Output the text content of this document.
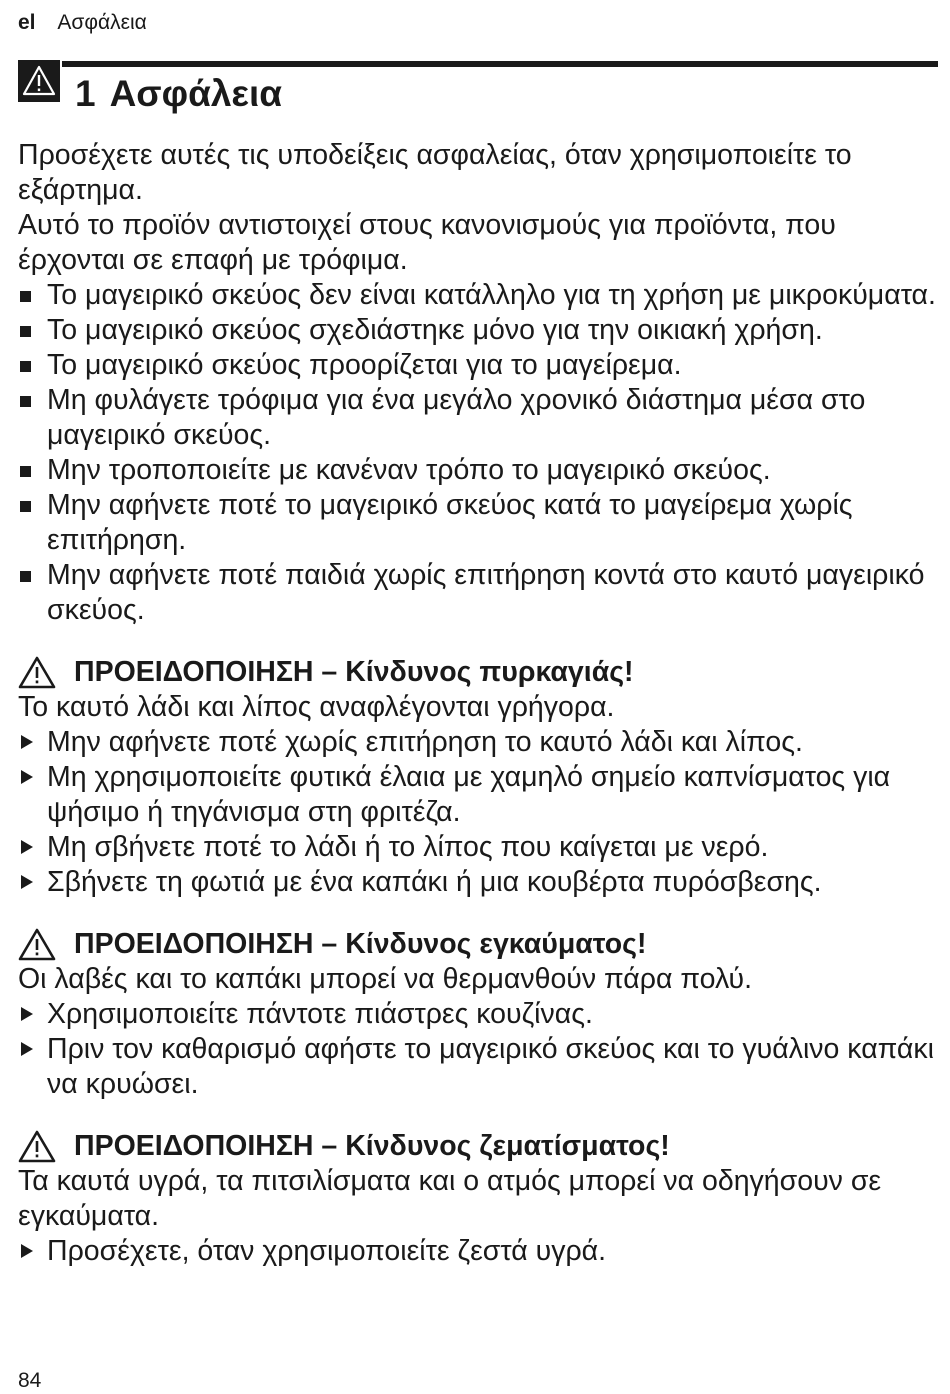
el Ασφάλεια
1 Ασφάλεια

Προσέχετε αυτές τις υποδείξεις ασφαλείας, όταν χρησιμοποιείτε το εξάρτημα.

Αυτό το προϊόν αντιστοιχεί στους κανονισμούς για προϊόντα, που έρχονται σε επαφή με τρόφιμα.

Το μαγειρικό σκεύος δεν είναι κατάλληλο για τη χρήση με μικροκύματα.
Το μαγειρικό σκεύος σχεδιάστηκε μόνο για την οικιακή χρήση.
Το μαγειρικό σκεύος προορίζεται για το μαγείρεμα.
Μη φυλάγετε τρόφιμα για ένα μεγάλο χρονικό διάστημα μέσα στο μαγειρικό σκεύος.
Μην τροποποιείτε με κανέναν τρόπο το μαγειρικό σκεύος.
Μην αφήνετε ποτέ το μαγειρικό σκεύος κατά το μαγείρεμα χωρίς επιτήρηση.
Μην αφήνετε ποτέ παιδιά χωρίς επιτήρηση κοντά στο καυτό μαγειρικό σκεύος.
ΠΡΟΕΙΔΟΠΟΙΗΣΗ – Κίνδυνος πυρκαγιάς!

Το καυτό λάδι και λίπος αναφλέγονται γρήγορα.

Μην αφήνετε ποτέ χωρίς επιτήρηση το καυτό λάδι και λίπος.
Μη χρησιμοποιείτε φυτικά έλαια με χαμηλό σημείο καπνίσματος για ψήσιμο ή τηγάνισμα στη φριτέζα.
Μη σβήνετε ποτέ το λάδι ή το λίπος που καίγεται με νερό.
Σβήνετε τη φωτιά με ένα καπάκι ή μια κουβέρτα πυρόσβεσης.
ΠΡΟΕΙΔΟΠΟΙΗΣΗ – Κίνδυνος εγκαύματος!

Οι λαβές και το καπάκι μπορεί να θερμανθούν πάρα πολύ.

Χρησιμοποιείτε πάντοτε πιάστρες κουζίνας.
Πριν τον καθαρισμό αφήστε το μαγειρικό σκεύος και το γυάλινο καπάκι να κρυώσει.
ΠΡΟΕΙΔΟΠΟΙΗΣΗ – Κίνδυνος ζεματίσματος!

Τα καυτά υγρά, τα πιτσιλίσματα και ο ατμός μπορεί να οδηγήσουν σε εγκαύματα.

Προσέχετε, όταν χρησιμοποιείτε ζεστά υγρά.
84
